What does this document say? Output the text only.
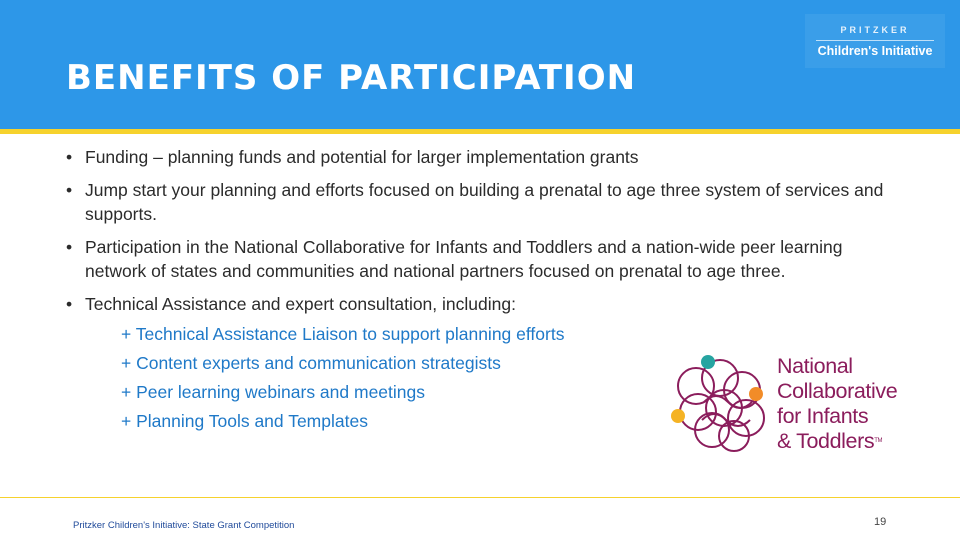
BENEFITS OF PARTICIPATION
PRITZKER
Children's Initiative
• Funding – planning funds and potential for larger implementation grants
• Jump start your planning and efforts focused on building a prenatal to age three system of services and supports.
• Participation in the National Collaborative for Infants and Toddlers and a nation-wide peer learning network of states and communities and national partners focused on prenatal to age three.
• Technical Assistance and expert consultation, including:
+ Technical Assistance Liaison to support planning efforts
+ Content experts and communication strategists
+ Peer learning webinars and meetings
+ Planning Tools and Templates
National
Collaborative
for Infants
& Toddlers™
Pritzker Children's Initiative: State Grant Competition	19
